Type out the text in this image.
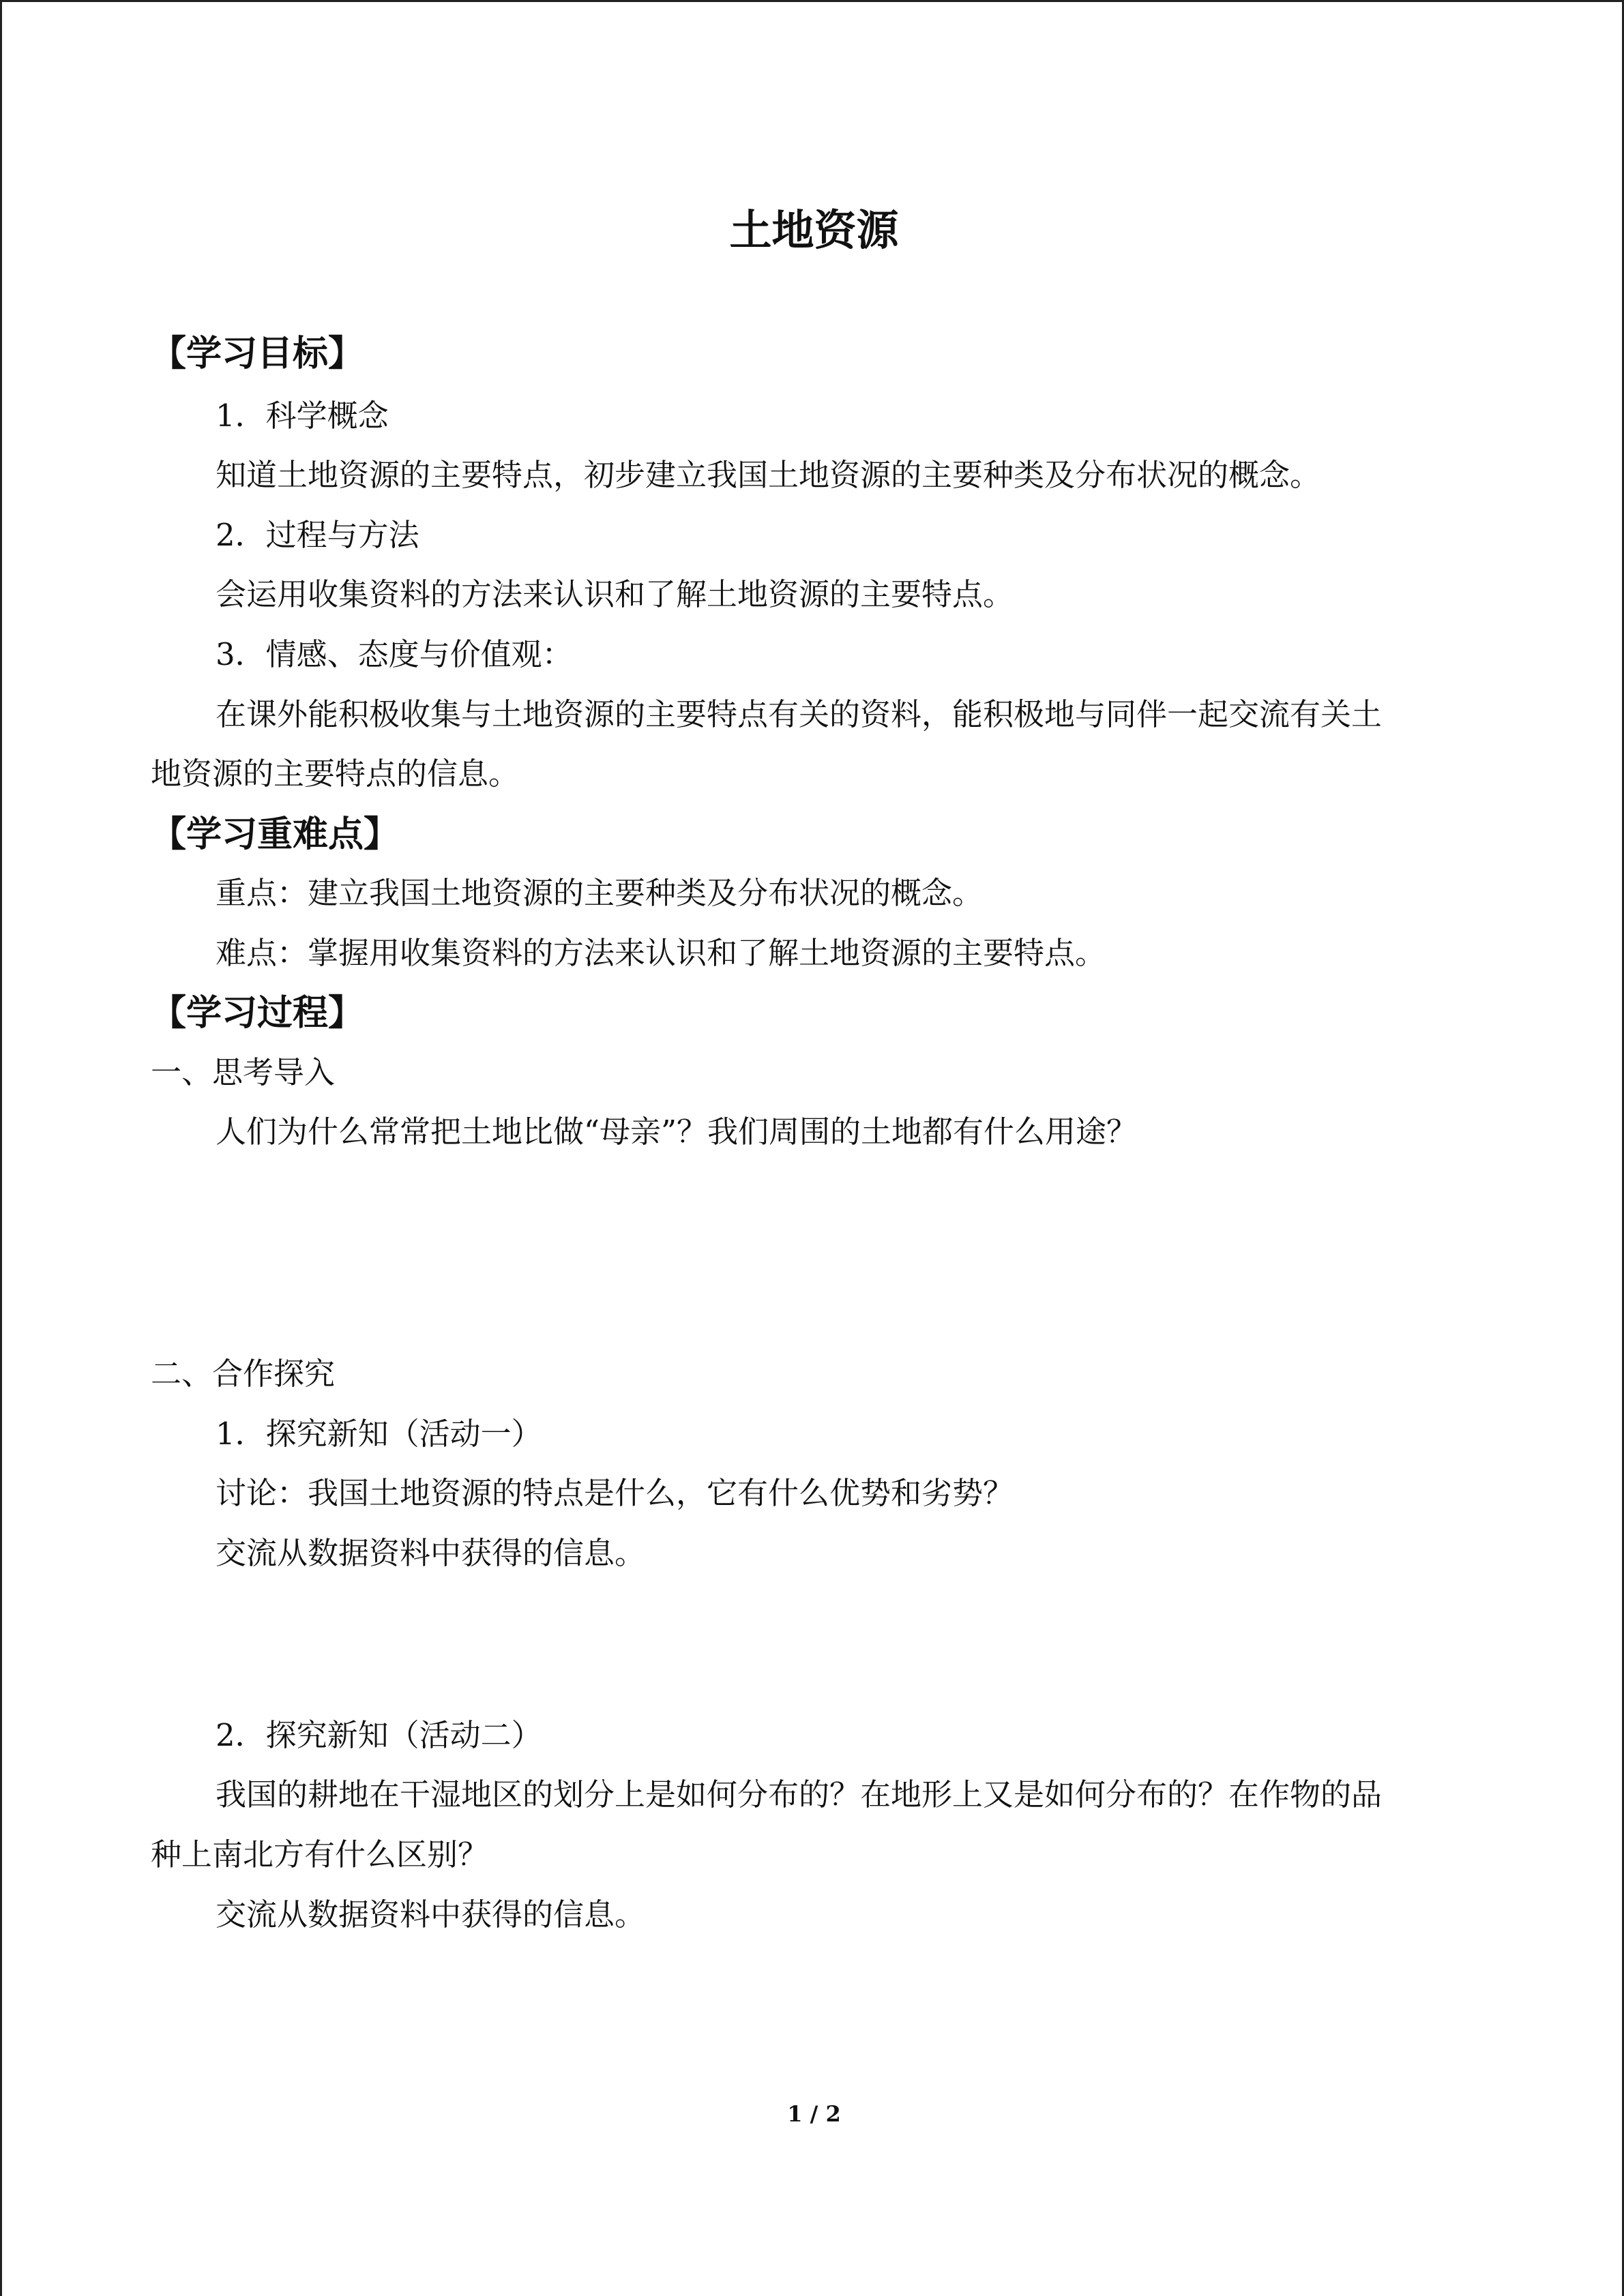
土地资源
【学习目标】
1．科学概念
知道土地资源的主要特点，初步建立我国土地资源的主要种类及分布状况的概念。
2．过程与方法
会运用收集资料的方法来认识和了解土地资源的主要特点。
3．情感、态度与价值观：
在课外能积极收集与土地资源的主要特点有关的资料，能积极地与同伴一起交流有关土
地资源的主要特点的信息。
【学习重难点】
重点：建立我国土地资源的主要种类及分布状况的概念。
难点：掌握用收集资料的方法来认识和了解土地资源的主要特点。
【学习过程】
一、思考导入
人们为什么常常把土地比做“母亲”？我们周围的土地都有什么用途？
二、合作探究
1．探究新知（活动一）
讨论：我国土地资源的特点是什么，它有什么优势和劣势？
交流从数据资料中获得的信息。
2．探究新知（活动二）
我国的耕地在干湿地区的划分上是如何分布的？在地形上又是如何分布的？在作物的品
种上南北方有什么区别？
交流从数据资料中获得的信息。
1 / 2
